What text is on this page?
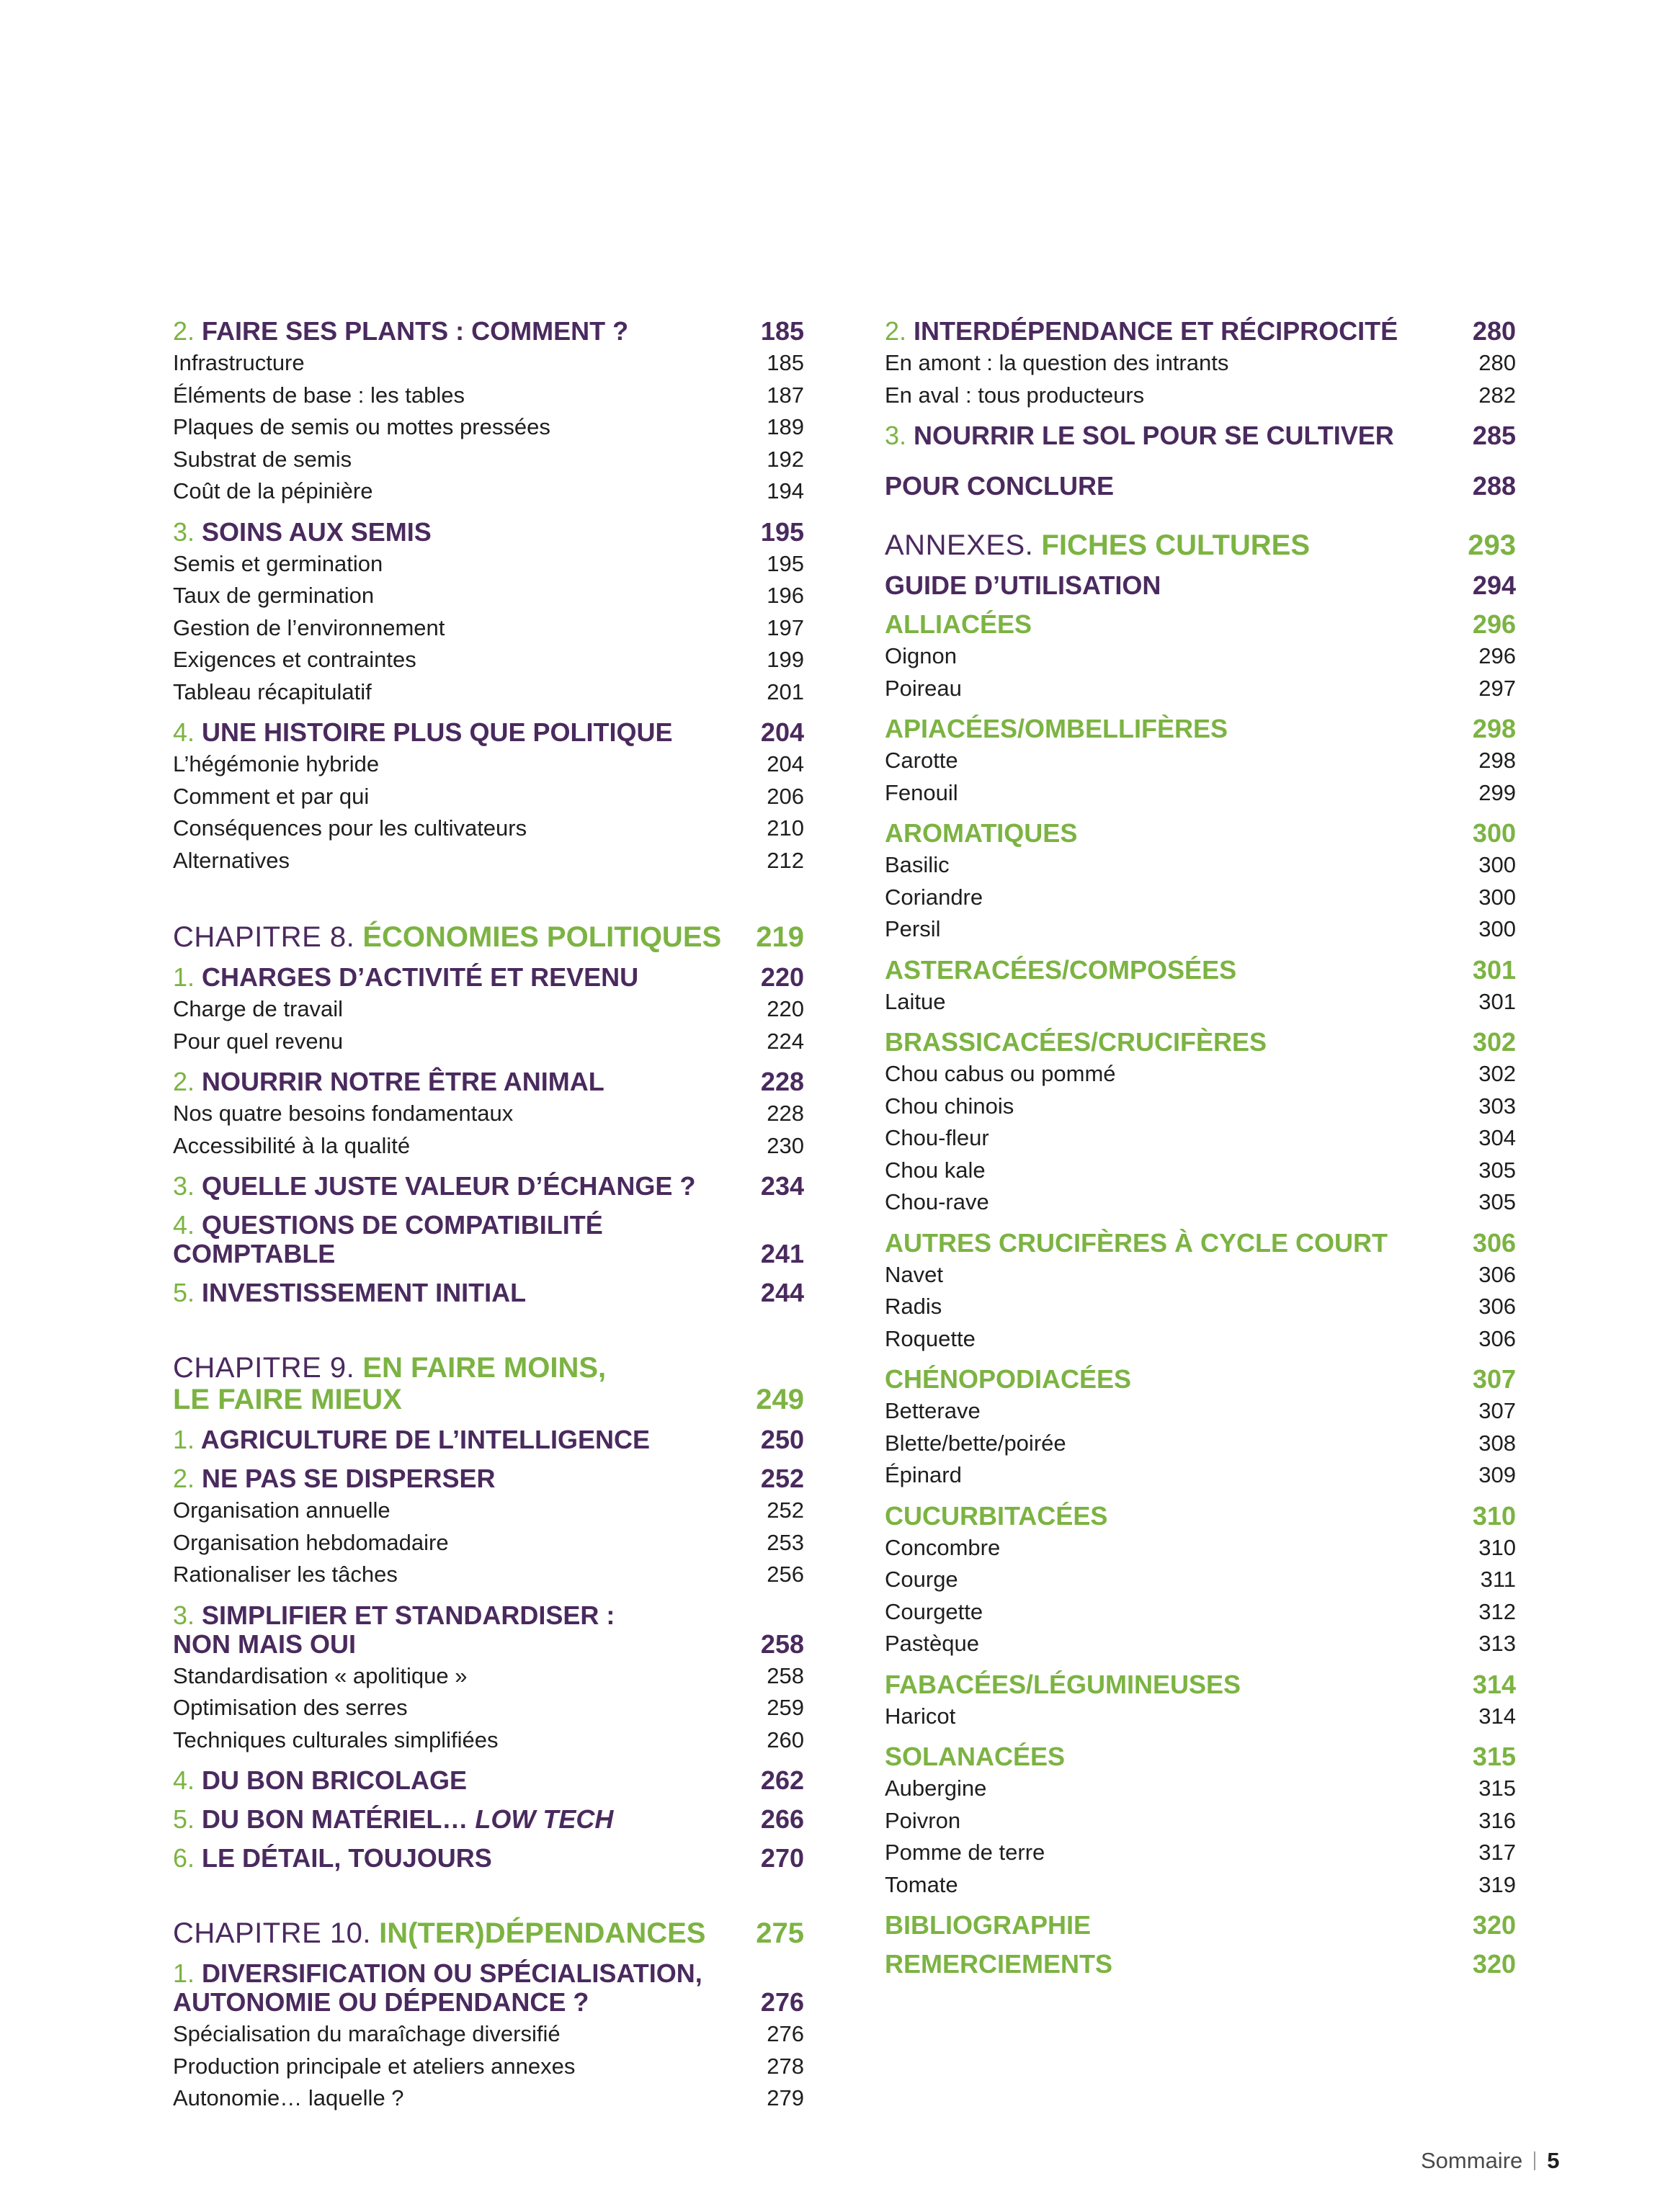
2. FAIRE SES PLANTS : COMMENT ?	185
Infrastructure	185
Éléments de base : les tables	187
Plaques de semis ou mottes pressées	189
Substrat de semis	192
Coût de la pépinière	194
3. SOINS AUX SEMIS	195
Semis et germination	195
Taux de germination	196
Gestion de l’environnement	197
Exigences et contraintes	199
Tableau récapitulatif	201
4. UNE HISTOIRE PLUS QUE POLITIQUE	204
L’hégémonie hybride	204
Comment et par qui	206
Conséquences pour les cultivateurs	210
Alternatives	212
CHAPITRE 8. ÉCONOMIES POLITIQUES	219
1. CHARGES D’ACTIVITÉ ET REVENU	220
Charge de travail	220
Pour quel revenu	224
2. NOURRIR NOTRE ÊTRE ANIMAL	228
Nos quatre besoins fondamentaux	228
Accessibilité à la qualité	230
3. QUELLE JUSTE VALEUR D’ÉCHANGE ?	234
4. QUESTIONS DE COMPATIBILITÉ COMPTABLE	241
5. INVESTISSEMENT INITIAL	244
CHAPITRE 9. EN FAIRE MOINS,
LE FAIRE MIEUX	249
1. AGRICULTURE DE L’INTELLIGENCE	250
2. NE PAS SE DISPERSER	252
Organisation annuelle	252
Organisation hebdomadaire	253
Rationaliser les tâches	256
3. SIMPLIFIER ET STANDARDISER :
NON MAIS OUI	258
Standardisation « apolitique »	258
Optimisation des serres	259
Techniques culturales simplifiées	260
4. DU BON BRICOLAGE	262
5. DU BON MATÉRIEL… LOW TECH	266
6. LE DÉTAIL, TOUJOURS	270
CHAPITRE 10. IN(TER)DÉPENDANCES	275
1. DIVERSIFICATION OU SPÉCIALISATION,
AUTONOMIE OU DÉPENDANCE ?	276
Spécialisation du maraîchage diversifié	276
Production principale et ateliers annexes	278
Autonomie… laquelle ?	279
2. INTERDÉPENDANCE ET RÉCIPROCITÉ	280
En amont : la question des intrants	280
En aval : tous producteurs	282
3. NOURRIR LE SOL POUR SE CULTIVER	285
POUR CONCLURE	288
ANNEXES. FICHES CULTURES	293
GUIDE D’UTILISATION	294
ALLIACÉES	296
Oignon	296
Poireau	297
APIACÉES/OMBELLIFÈRES	298
Carotte	298
Fenouil	299
AROMATIQUES	300
Basilic	300
Coriandre	300
Persil	300
ASTERACÉES/COMPOSÉES	301
Laitue	301
BRASSICACÉES/CRUCIFÈRES	302
Chou cabus ou pommé	302
Chou chinois	303
Chou-fleur	304
Chou kale	305
Chou-rave	305
AUTRES CRUCIFÈRES À CYCLE COURT	306
Navet	306
Radis	306
Roquette	306
CHÉNOPODIACÉES	307
Betterave	307
Blette/bette/poirée	308
Épinard	309
CUCURBITACÉES	310
Concombre	310
Courge	311
Courgette	312
Pastèque	313
FABACÉES/LÉGUMINEUSES	314
Haricot	314
SOLANACÉES	315
Aubergine	315
Poivron	316
Pomme de terre	317
Tomate	319
BIBLIOGRAPHIE	320
REMERCIEMENTS	320
Sommaire 5
